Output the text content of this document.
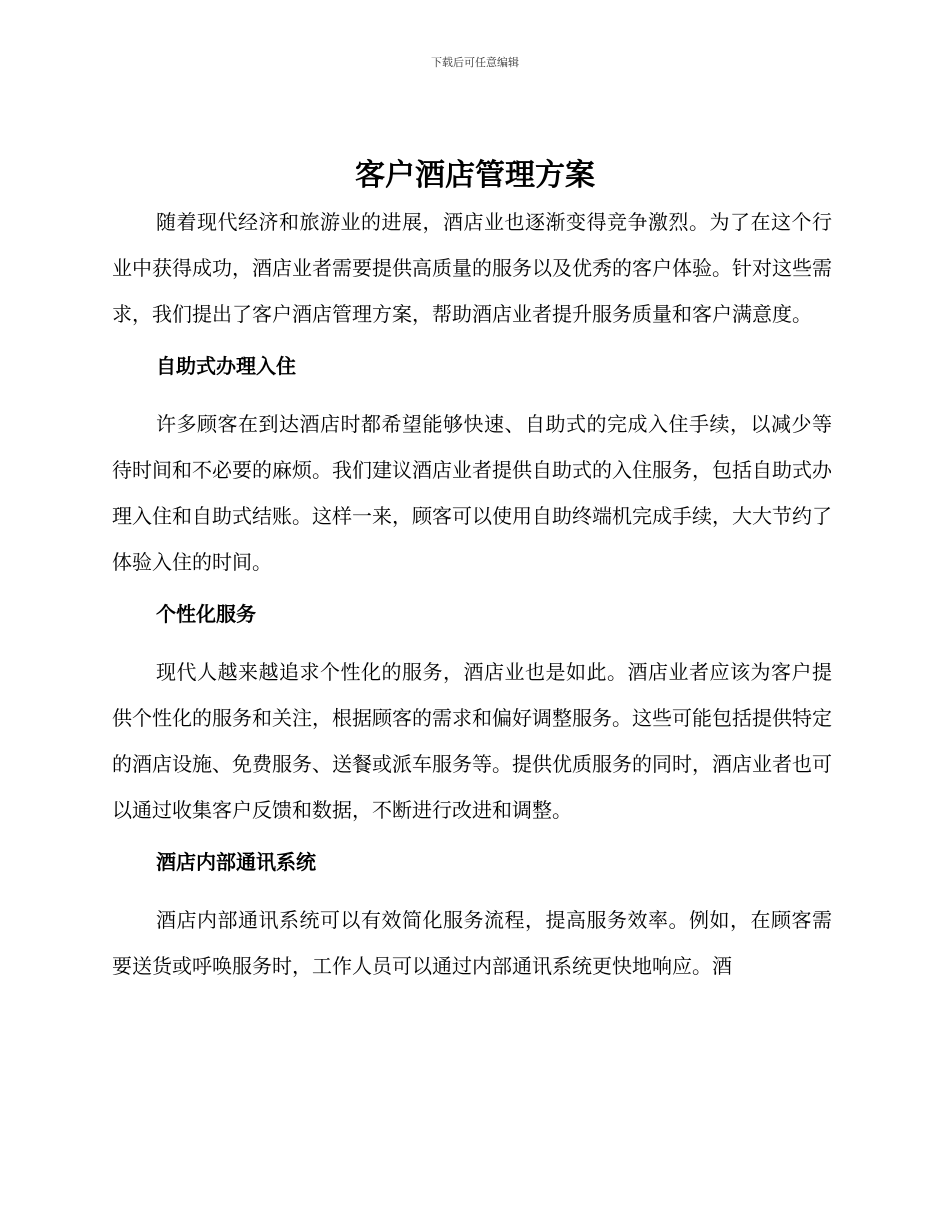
下载后可任意编辑
客户酒店管理方案

随着现代经济和旅游业的进展，酒店业也逐渐变得竞争激烈。为了在这个行业中获得成功，酒店业者需要提供高质量的服务以及优秀的客户体验。针对这些需求，我们提出了客户酒店管理方案，帮助酒店业者提升服务质量和客户满意度。

自助式办理入住

许多顾客在到达酒店时都希望能够快速、自助式的完成入住手续，以减少等待时间和不必要的麻烦。我们建议酒店业者提供自助式的入住服务，包括自助式办理入住和自助式结账。这样一来，顾客可以使用自助终端机完成手续，大大节约了体验入住的时间。

个性化服务

现代人越来越追求个性化的服务，酒店业也是如此。酒店业者应该为客户提供个性化的服务和关注，根据顾客的需求和偏好调整服务。这些可能包括提供特定的酒店设施、免费服务、送餐或派车服务等。提供优质服务的同时，酒店业者也可以通过收集客户反馈和数据，不断进行改进和调整。

酒店内部通讯系统

酒店内部通讯系统可以有效简化服务流程，提高服务效率。例如，在顾客需要送货或呼唤服务时，工作人员可以通过内部通讯系统更快地响应。酒
